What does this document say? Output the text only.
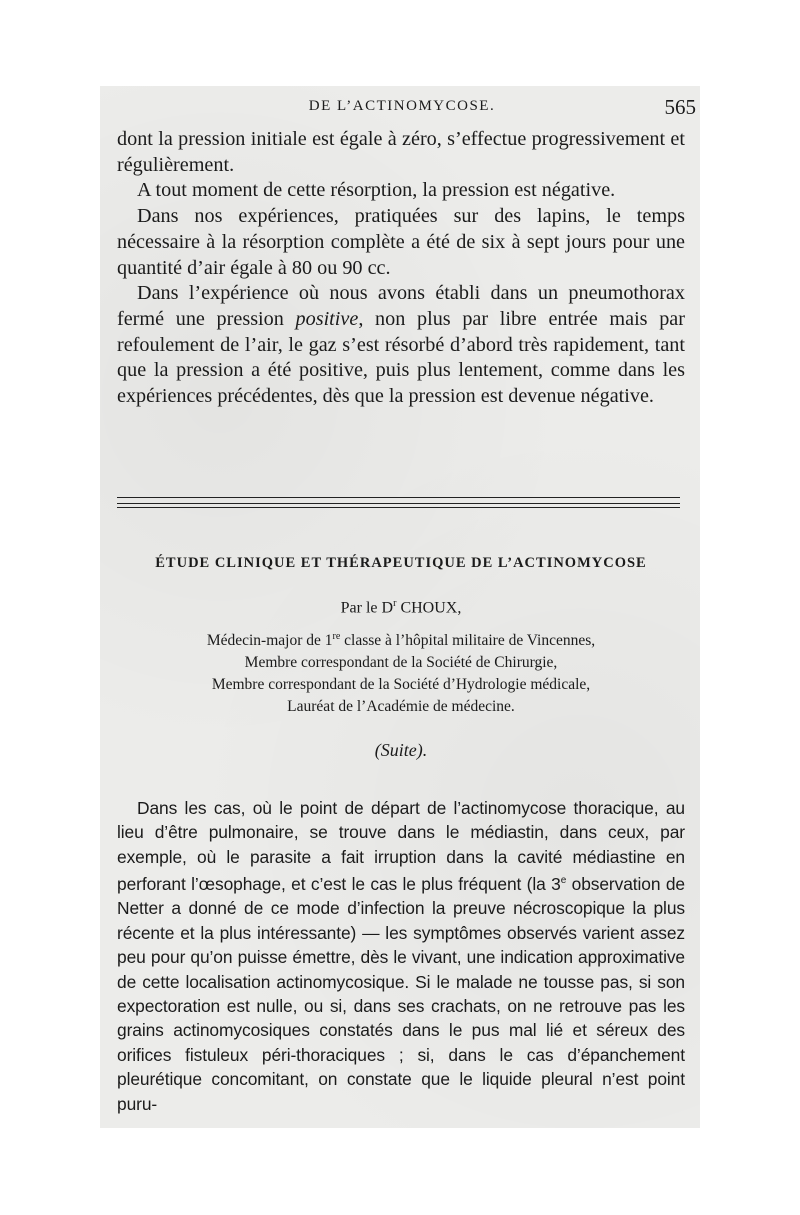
DE L’ACTINOMYCOSE.	565

dont la pression initiale est égale à zéro, s’effectue progressivement et régulièrement.

A tout moment de cette résorption, la pression est négative.

Dans nos expériences, pratiquées sur des lapins, le temps nécessaire à la résorption complète a été de six à sept jours pour une quantité d’air égale à 80 ou 90 cc.

Dans l’expérience où nous avons établi dans un pneumothorax fermé une pression positive, non plus par libre entrée mais par refoulement de l’air, le gaz s’est résorbé d’abord très rapidement, tant que la pression a été positive, puis plus lentement, comme dans les expériences précédentes, dès que la pression est devenue négative.

ÉTUDE CLINIQUE ET THÉRAPEUTIQUE DE L’ACTINOMYCOSE
Par le $D^r$ CHOUX,
Médecin-major de 1re classe à l’hôpital militaire de Vincennes,
Membre correspondant de la Société de Chirurgie,
Membre correspondant de la Société d’Hydrologie médicale,
Lauréat de l’Académie de médecine.
(Suite).

Dans les cas, où le point de départ de l’actinomycose thoracique, au lieu d’être pulmonaire, se trouve dans le médiastin, dans ceux, par exemple, où le parasite a fait irruption dans la cavité médiastine en perforant l’œsophage, et c’est le cas le plus fréquent (la 3e observation de Netter a donné de ce mode d’infection la preuve nécroscopique la plus récente et la plus intéressante) — les symptômes observés varient assez peu pour qu’on puisse émettre, dès le vivant, une indication approximative de cette localisation actinomycosique. Si le malade ne tousse pas, si son expectoration est nulle, ou si, dans ses crachats, on ne retrouve pas les grains actinomycosiques constatés dans le pus mal lié et séreux des orifices fistuleux péri-thoraciques ; si, dans le cas d’épanchement pleurétique concomitant, on constate que le liquide pleural n’est point puru-
